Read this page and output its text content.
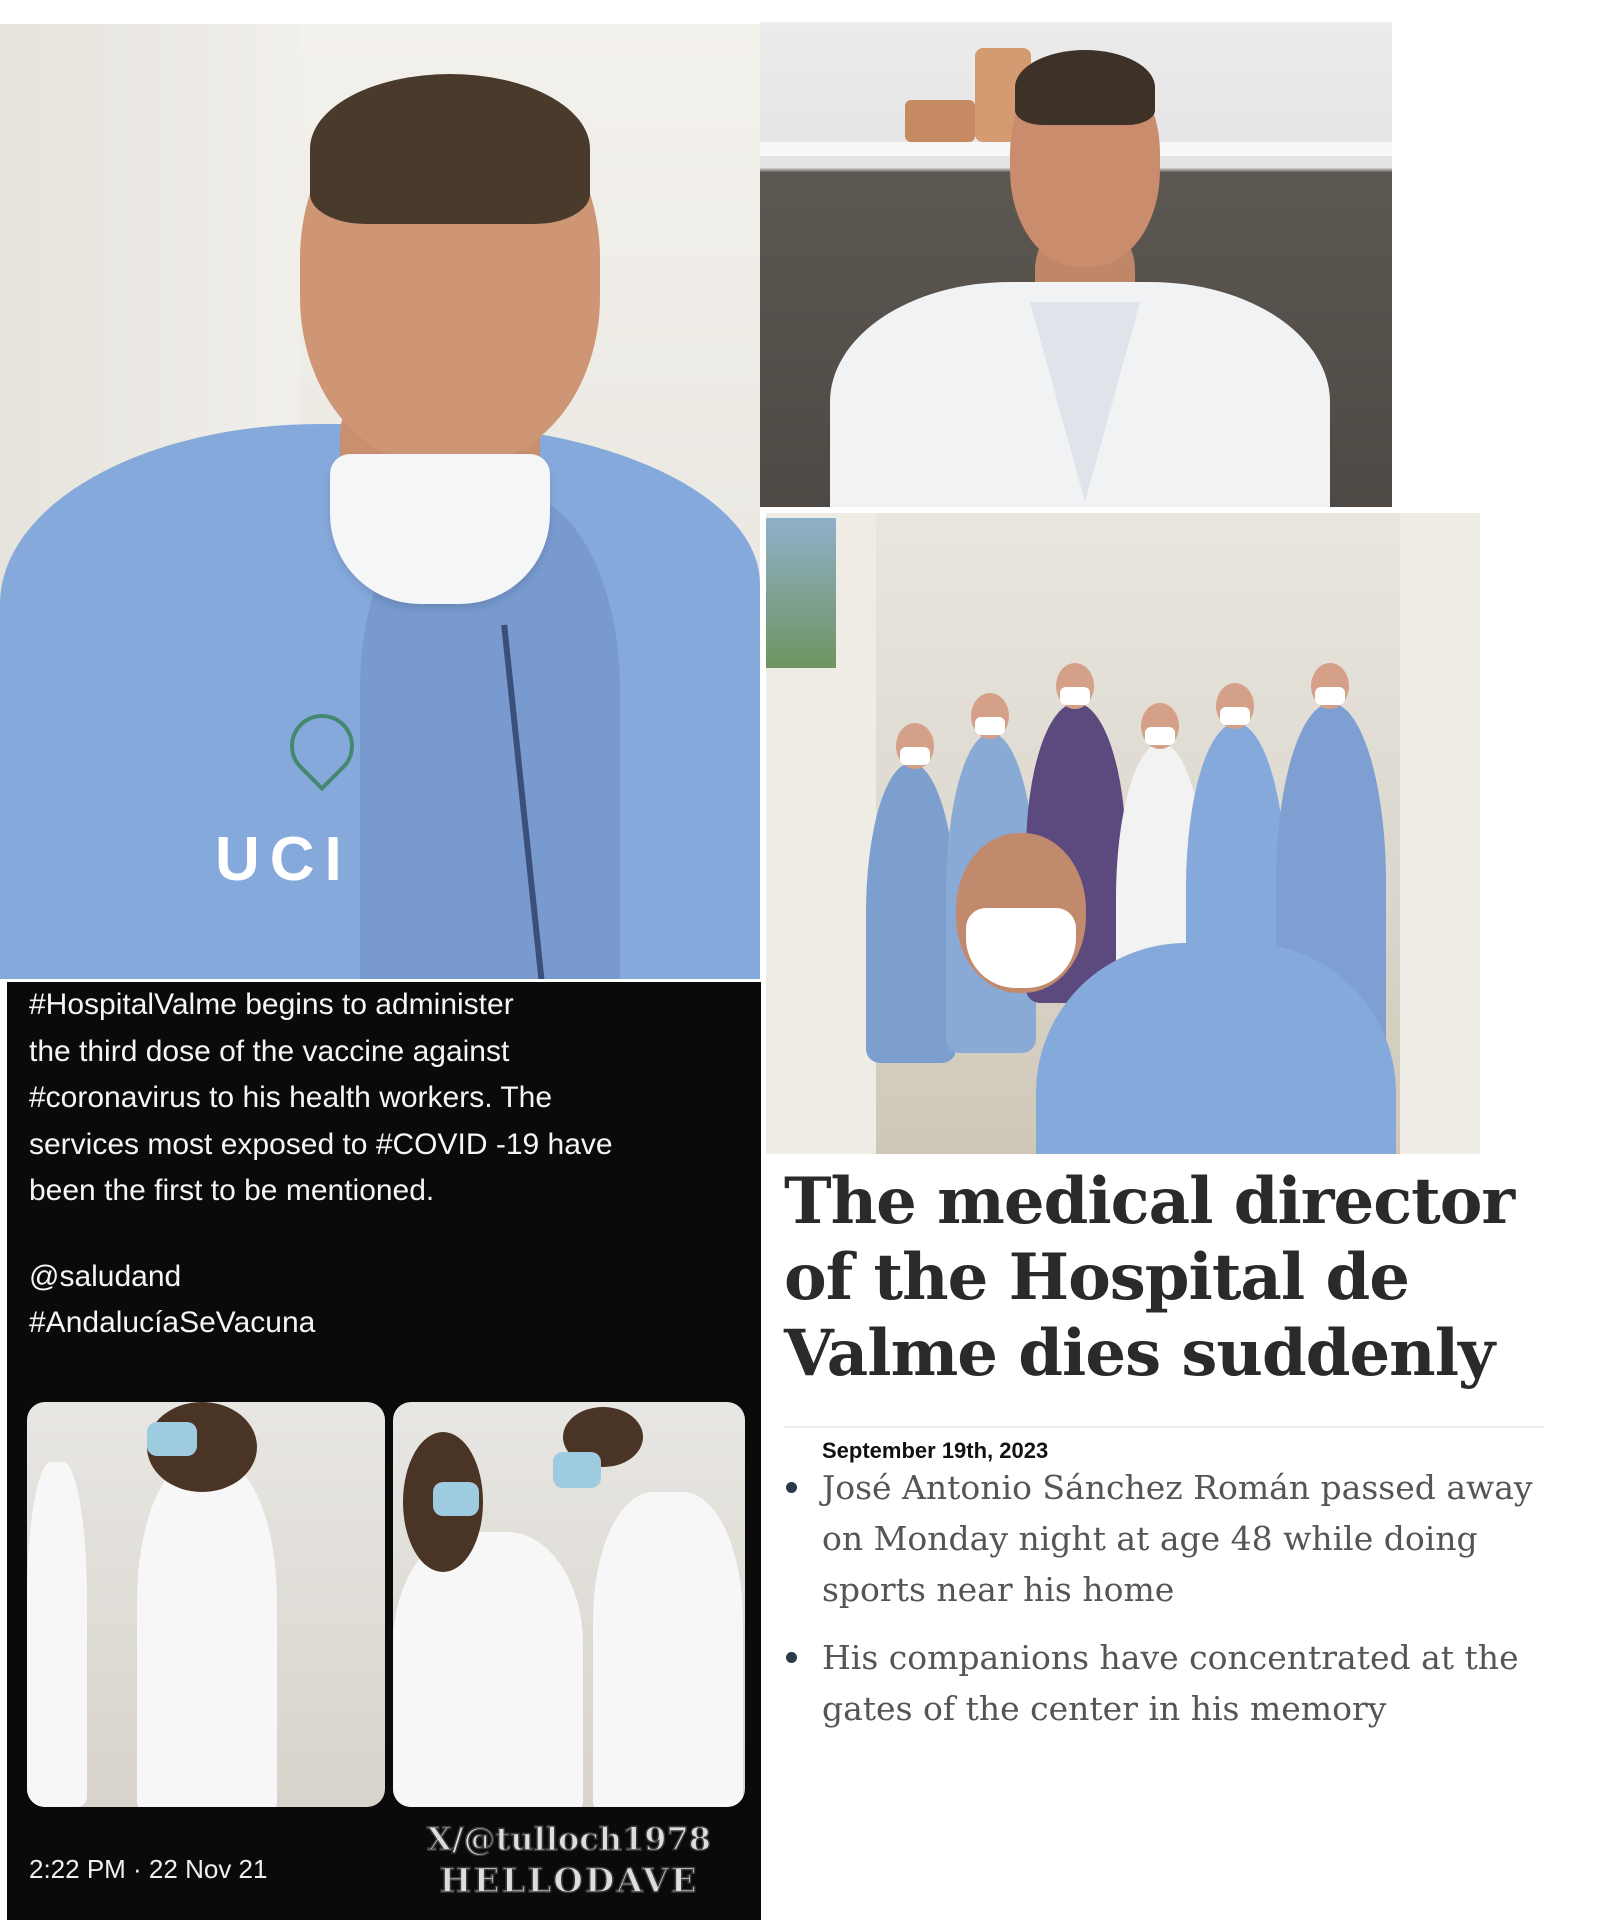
UCI

#HospitalValme begins to administer
the third dose of the vaccine against
#coronavirus to his health workers. The
services most exposed to #COVID -19 have
been the first to be mentioned.

@saludand
#AndalucíaSeVacuna
2:22 PM · 22 Nov 21
X/@tulloch1978
HELLODAVE
The medical director of the Hospital de Valme dies suddenly
September 19th, 2023
José Antonio Sánchez Román passed away on Monday night at age 48 while doing sports near his home
His companions have concentrated at the gates of the center in his memory
